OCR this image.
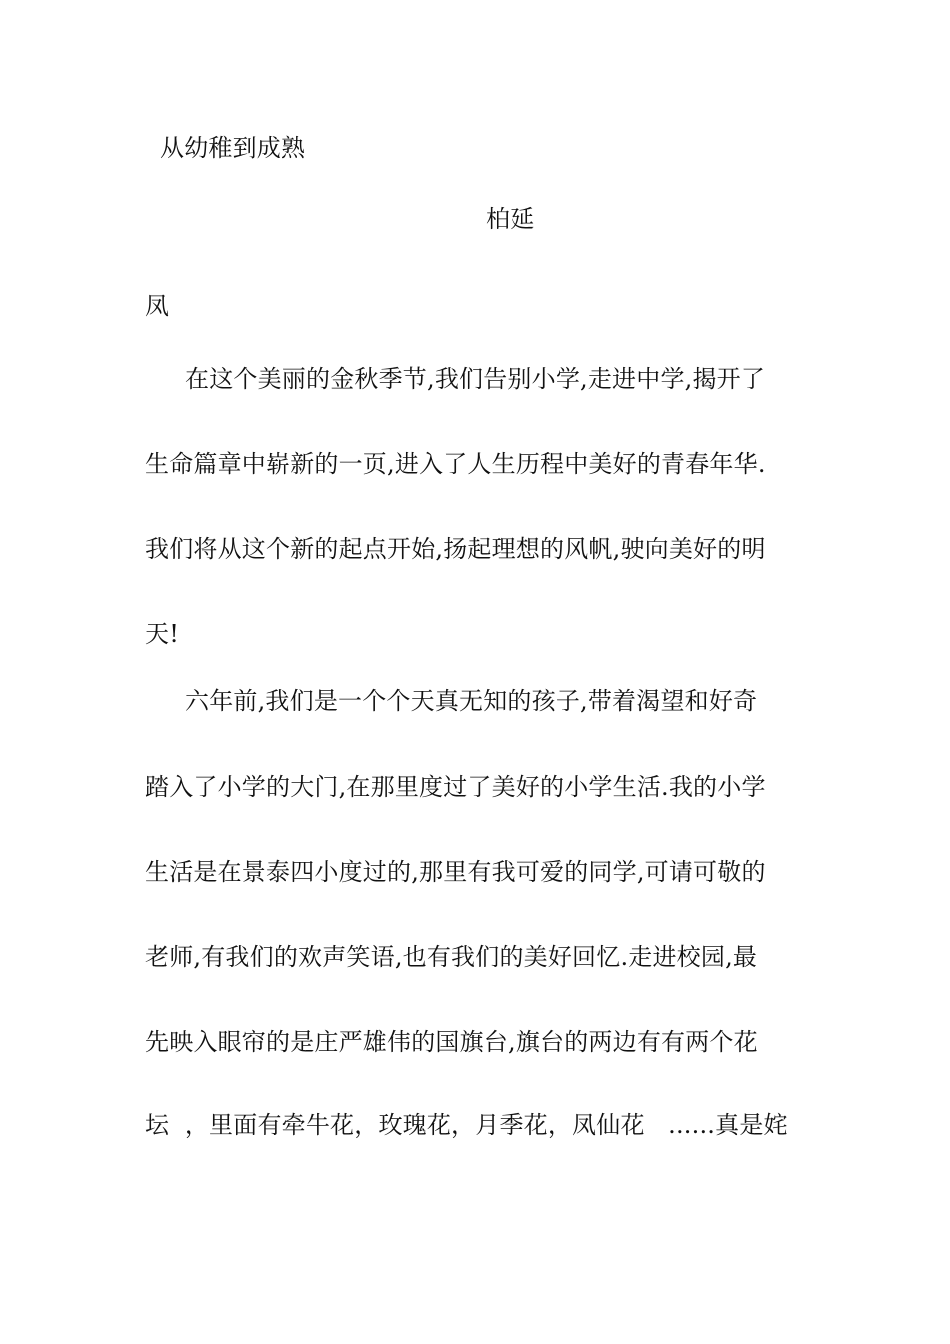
从幼稚到成熟
柏延
凤
在这个美丽的金秋季节,我们告别小学,走进中学,揭开了
生命篇章中崭新的一页,进入了人生历程中美好的青春年华.
我们将从这个新的起点开始,扬起理想的风帆,驶向美好的明
天!
六年前,我们是一个个天真无知的孩子,带着渴望和好奇
踏入了小学的大门,在那里度过了美好的小学生活.我的小学
生活是在景泰四小度过的,那里有我可爱的同学,可请可敬的
老师,有我们的欢声笑语,也有我们的美好回忆.走进校园,最
先映入眼帘的是庄严雄伟的国旗台,旗台的两边有有两个花
坛  ，里面有牵牛花，玫瑰花，月季花，凤仙花   ......真是姹
